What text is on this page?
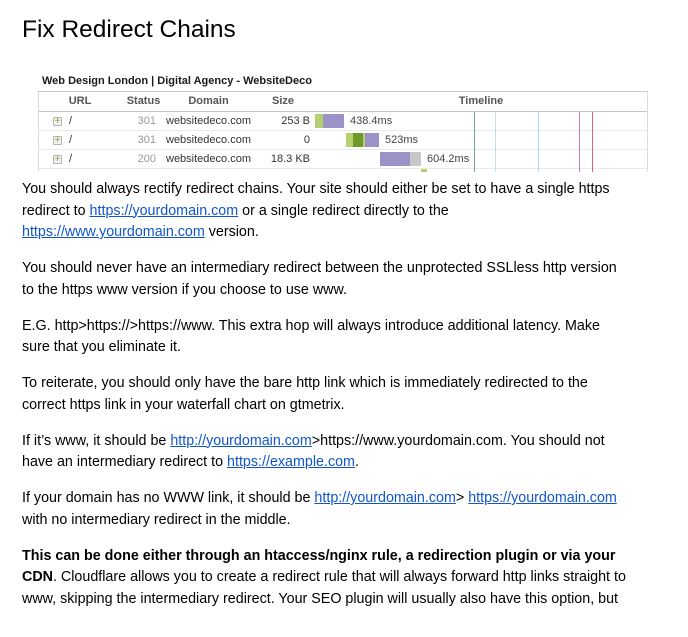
Fix Redirect Chains
Web Design London | Digital Agency - WebsiteDeco
URL	Status	Domain	Size	Timeline
+ /	301 websitedeco.com	253 B	438.4ms
+ /	301 websitedeco.com	0	523ms
+ /	200 websitedeco.com	18.3 KB	604.2ms
You should always rectify redirect chains. Your site should either be set to have a single https
redirect to https://yourdomain.com or a single redirect directly to the
https://www.yourdomain.com version.
You should never have an intermediary redirect between the unprotected SSLless http version
to the https www version if you choose to use www.
E.G. http>https://>https://www. This extra hop will always introduce additional latency. Make
sure that you eliminate it.
To reiterate, you should only have the bare http link which is immediately redirected to the
correct https link in your waterfall chart on gtmetrix.
If it’s www, it should be http://yourdomain.com>https://www.yourdomain.com. You should not
have an intermediary redirect to https://example.com.
If your domain has no WWW link, it should be http://yourdomain.com> https://yourdomain.com
with no intermediary redirect in the middle.
This can be done either through an htaccess/nginx rule, a redirection plugin or via your
CDN. Cloudflare allows you to create a redirect rule that will always forward http links straight to
www, skipping the intermediary redirect. Your SEO plugin will usually also have this option, but
